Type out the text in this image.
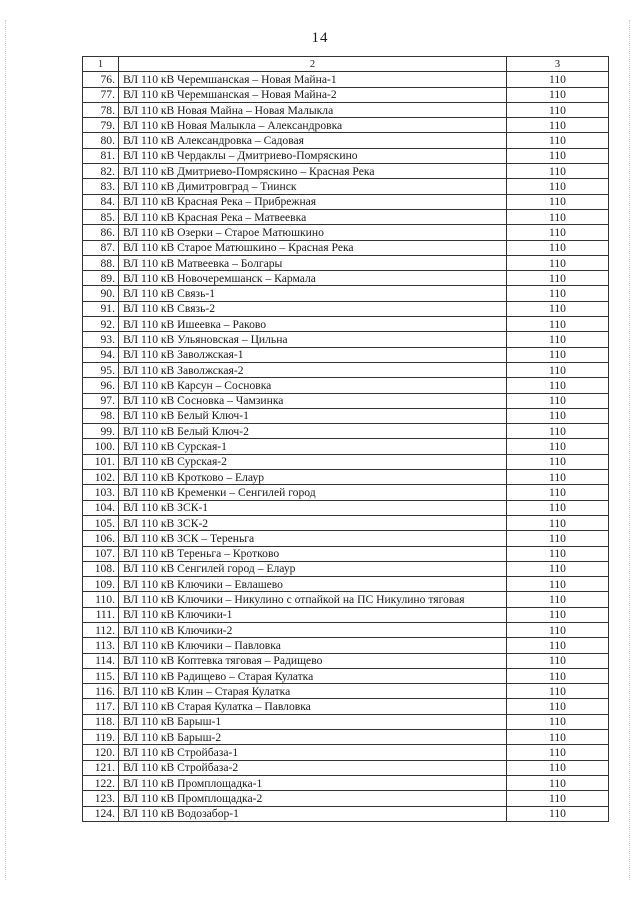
14
1	2	3
76.	ВЛ 110 кВ Черемшанская – Новая Майна-1	110
77.	ВЛ 110 кВ Черемшанская – Новая Майна-2	110
78.	ВЛ 110 кВ Новая Майна – Новая Малыкла	110
79.	ВЛ 110 кВ Новая Малыкла – Александровка	110
80.	ВЛ 110 кВ Александровка – Садовая	110
81.	ВЛ 110 кВ Чердаклы – Дмитриево-Помряскино	110
82.	ВЛ 110 кВ Дмитриево-Помряскино – Красная Река	110
83.	ВЛ 110 кВ Димитровград – Тиинск	110
84.	ВЛ 110 кВ Красная Река – Прибрежная	110
85.	ВЛ 110 кВ Красная Река – Матвеевка	110
86.	ВЛ 110 кВ Озерки – Старое Матюшкино	110
87.	ВЛ 110 кВ Старое Матюшкино – Красная Река	110
88.	ВЛ 110 кВ Матвеевка – Болгары	110
89.	ВЛ 110 кВ Новочеремшанск – Кармала	110
90.	ВЛ 110 кВ Связь-1	110
91.	ВЛ 110 кВ Связь-2	110
92.	ВЛ 110 кВ Ишеевка – Раково	110
93.	ВЛ 110 кВ Ульяновская – Цильна	110
94.	ВЛ 110 кВ Заволжская-1	110
95.	ВЛ 110 кВ Заволжская-2	110
96.	ВЛ 110 кВ Карсун – Сосновка	110
97.	ВЛ 110 кВ Сосновка – Чамзинка	110
98.	ВЛ 110 кВ Белый Ключ-1	110
99.	ВЛ 110 кВ Белый Ключ-2	110
100.	ВЛ 110 кВ Сурская-1	110
101.	ВЛ 110 кВ Сурская-2	110
102.	ВЛ 110 кВ Кротково – Елаур	110
103.	ВЛ 110 кВ Кременки – Сенгилей город	110
104.	ВЛ 110 кВ ЗСК-1	110
105.	ВЛ 110 кВ ЗСК-2	110
106.	ВЛ 110 кВ ЗСК – Тереньга	110
107.	ВЛ 110 кВ Тереньга – Кротково	110
108.	ВЛ 110 кВ Сенгилей город – Елаур	110
109.	ВЛ 110 кВ Ключики – Евлашево	110
110.	ВЛ 110 кВ Ключики – Никулино с отпайкой на ПС Никулино тяговая	110
111.	ВЛ 110 кВ Ключики-1	110
112.	ВЛ 110 кВ Ключики-2	110
113.	ВЛ 110 кВ Ключики – Павловка	110
114.	ВЛ 110 кВ Коптевка тяговая – Радищево	110
115.	ВЛ 110 кВ Радищево – Старая Кулатка	110
116.	ВЛ 110 кВ Клин – Старая Кулатка	110
117.	ВЛ 110 кВ Старая Кулатка – Павловка	110
118.	ВЛ 110 кВ Барыш-1	110
119.	ВЛ 110 кВ Барыш-2	110
120.	ВЛ 110 кВ Стройбаза-1	110
121.	ВЛ 110 кВ Стройбаза-2	110
122.	ВЛ 110 кВ Промплощадка-1	110
123.	ВЛ 110 кВ Промплощадка-2	110
124.	ВЛ 110 кВ Водозабор-1	110
